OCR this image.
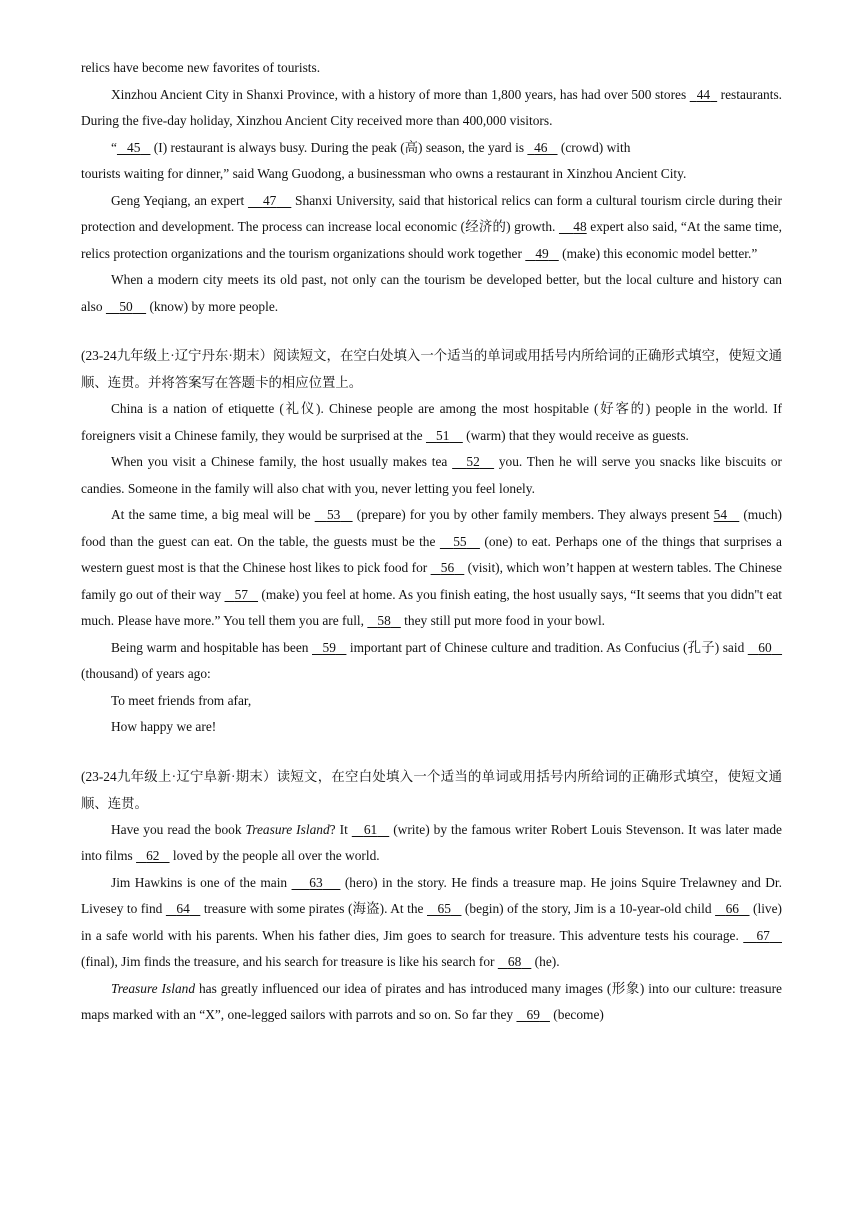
relics have become new favorites of tourists.

Xinzhou Ancient City in Shanxi Province, with a history of more than 1,800 years, has had over 500 stores   44   restaurants. During the five-day holiday, Xinzhou Ancient City received more than 400,000 visitors.

“ 45    (I) restaurant is always busy. During the peak (高) season, the yard is   46    (crowd) with

tourists waiting for dinner,” said Wang Guodong, a businessman who owns a restaurant in Xinzhou Ancient City.

Geng Yeqiang, an expert     47     Shanxi University, said that historical relics can form a cultural tourism circle during their protection and development. The process can increase local economic (经济的) growth.     48 expert also said, “At the same time, relics protection organizations and the tourism organizations should work together    49    (make) this economic model better.”

When a modern city meets its old past, not only can the tourism be developed better, but the local culture and history can also     50     (know) by more people.

(23-24九年级上·辽宁丹东·期末）阅读短文，在空白处填入一个适当的单词或用括号内所给词的正确形式填空，使短文通顺、连贯。并将答案写在答题卡的相应位置上。

China is a nation of etiquette (礼仪). Chinese people are among the most hospitable (好客的) people in the world. If foreigners visit a Chinese family, they would be surprised at the    51     (warm) that they would receive as guests.

When you visit a Chinese family, the host usually makes tea    52    you. Then he will serve you snacks like biscuits or candies. Someone in the family will also chat with you, never letting you feel lonely.

At the same time, a big meal will be    53    (prepare) for you by other family members. They always present 54    (much) food than the guest can eat. On the table, the guests must be the    55    (one) to eat. Perhaps one of the things that surprises a western guest most is that the Chinese host likes to pick food for    56    (visit), which won’t happen at western tables. The Chinese family go out of their way    57    (make) you feel at home. As you finish eating, the host usually says, “It seems that you didn''t eat much. Please have more.” You tell them you are full,    58    they still put more food in your bowl.

Being warm and hospitable has been    59    important part of Chinese culture and tradition. As Confucius (孔子) said    60    (thousand) of years ago:

To meet friends from afar,

How happy we are!

(23-24九年级上·辽宁阜新·期末）读短文，在空白处填入一个适当的单词或用括号内所给词的正确形式填空，使短文通顺、连贯。

Have you read the book Treasure Island? It    61    (write) by the famous writer Robert Louis Stevenson. It was later made into films    62    loved by the people all over the world.

Jim Hawkins is one of the main     63     (hero) in the story. He finds a treasure map. He joins Squire Trelawney and Dr. Livesey to find    64    treasure with some pirates (海盗). At the    65    (begin) of the story, Jim is a 10-year-old child    66    (live) in a safe world with his parents. When his father dies, Jim goes to search for treasure. This adventure tests his courage.    67    (final), Jim finds the treasure, and his search for treasure is like his search for    68    (he).

Treasure Island has greatly influenced our idea of pirates and has introduced many images (形象) into our culture: treasure maps marked with an “X”, one-legged sailors with parrots and so on. So far they    69    (become)
